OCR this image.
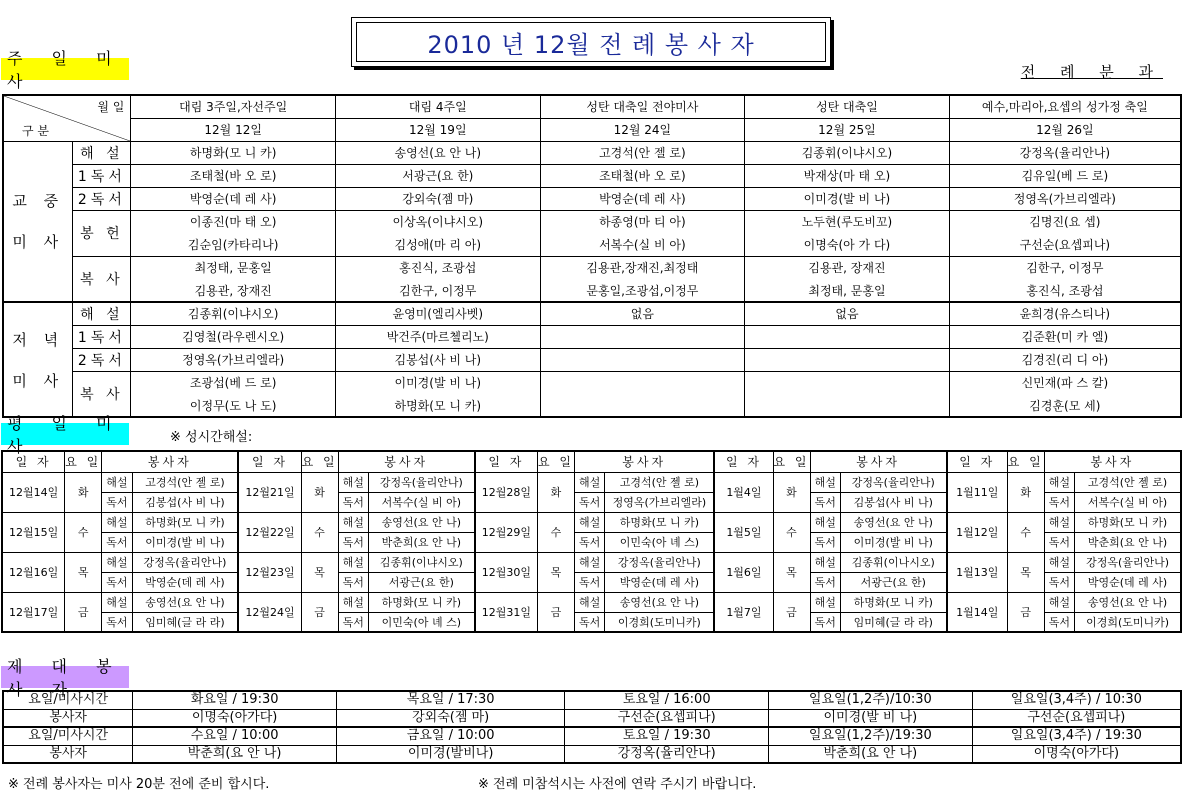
2010 년 12월 전 례 봉 사 자
주 일 미 사	전 례 분 과
월 일
구 분		대림 3주일,자선주일	대림 4주일	성탄 대축일 전야미사	성탄 대축일	예수,마리아,요셉의 성가정 축일
		12월 12일	12월 19일	12월 24일	12월 25일	12월 26일

교 중
미 사	해 설	하명화(모 니 카)	송영선(요 안 나)	고경석(안 젤 로)	김종휘(이냐시오)	강정옥(율리안나)
	1독서	조태철(바 오 로)	서광근(요 한)	조태철(바 오 로)	박재상(마 태 오)	김유일(베 드 로)
	2독서	박영순(데 레 사)	강외숙(젬 마)	박영순(데 레 사)	이미경(발 비 나)	정영옥(가브리엘라)
	봉 헌	이종진(마 태 오)	이상옥(이냐시오)	하종영(마 티 아)	노두현(루도비꼬)	김명진(요 셉)
		김순임(카타리나)	김성애(마 리 아)	서복수(실 비 아)	이명숙(아 가 다)	구선순(요셉피나)
	복 사	최정태, 문홍일	홍진식, 조광섭	김용관,장재진,최정태	김용관, 장재진	김한구, 이정무
		김용관, 장재진	김한구, 이정무	문홍일,조광섭,이정무	최정태, 문홍일	홍진식, 조광섭

저 녁
미 사	해 설	김종휘(이냐시오)	윤영미(엘리사벳)	없음	없음	윤희경(유스티나)
	1독서	김영철(라우렌시오)	박건주(마르첼리노)			김준환(미 카 엘)
	2독서	정영옥(가브리엘라)	김봉섭(사 비 나)			김경진(리 디 아)
	복 사	조광섭(베 드 로)	이미경(발 비 나)			신민재(파 스 칼)
		이정무(도 나 도)	하명화(모 니 카)			김경훈(모 세)
평 일 미 사	※ 성시간해설:
일 자	요 일	봉사자		일 자	요 일	봉사자		일 자	요 일	봉사자		일 자	요 일	봉사자		일 자	요 일	봉사자	
12월14일	화	해설	고경석(안 젤 로)	12월21일	화	해설	강정옥(율리안나)	12월28일	화	해설	고경석(안 젤 로)	1월4일	화	해설	강정옥(율리안나)	1월11일	화	해설	고경석(안 젤 로)
		독서	김봉섭(사 비 나)			독서	서복수(실 비 아)			독서	정영옥(가브리엘라)			독서	김봉섭(사 비 나)			독서	서복수(실 비 아)
12월15일	수	해설	하명화(모 니 카)	12월22일	수	해설	송영선(요 안 나)	12월29일	수	해설	하명화(모 니 카)	1월5일	수	해설	송영선(요 안 나)	1월12일	수	해설	하명화(모 니 카)
		독서	이미경(발 비 나)			독서	박춘희(요 안 나)			독서	이민숙(아 녜 스)			독서	이미경(발 비 나)			독서	박춘희(요 안 나)
12월16일	목	해설	강정옥(율리안나)	12월23일	목	해설	김종휘(이냐시오)	12월30일	목	해설	강정옥(율리안나)	1월6일	목	해설	김종휘(이나시오)	1월13일	목	해설	강정옥(율리안나)
		독서	박영순(데 레 사)			독서	서광근(요 한)			독서	박영순(데 레 사)			독서	서광근(요 한)			독서	박영순(데 레 사)
12월17일	금	해설	송영선(요 안 나)	12월24일	금	해설	하명화(모 니 카)	12월31일	금	해설	송영선(요 안 나)	1월7일	금	해설	하명화(모 니 카)	1월14일	금	해설	송영선(요 안 나)
		독서	임미혜(글 라 라)			독서	이민숙(아 녜 스)			독서	이경희(도미니카)			독서	임미혜(글 라 라)			독서	이경희(도미니카)
제 대 봉 사 자
요일/미사시간	화요일 / 19:30	목요일 / 17:30	토요일 / 16:00	일요일(1,2주)/10:30	일요일(3,4주) / 10:30
봉사자	이명숙(아가다)	강외숙(젬 마)	구선순(요셉피나)	이미경(발 비 나)	구선순(요셉피나)
요일/미사시간	수요일 / 10:00	금요일 / 10:00	토요일 / 19:30	일요일(1,2주)/19:30	일요일(3,4주) / 19:30
봉사자	박춘희(요 안 나)	이미경(발비나)	강정옥(율리안나)	박춘희(요 안 나)	이명숙(아가다)
※ 전례 봉사자는 미사 20분 전에 준비 합시다.	※ 전례 미참석시는 사전에 연락 주시기 바랍니다.
